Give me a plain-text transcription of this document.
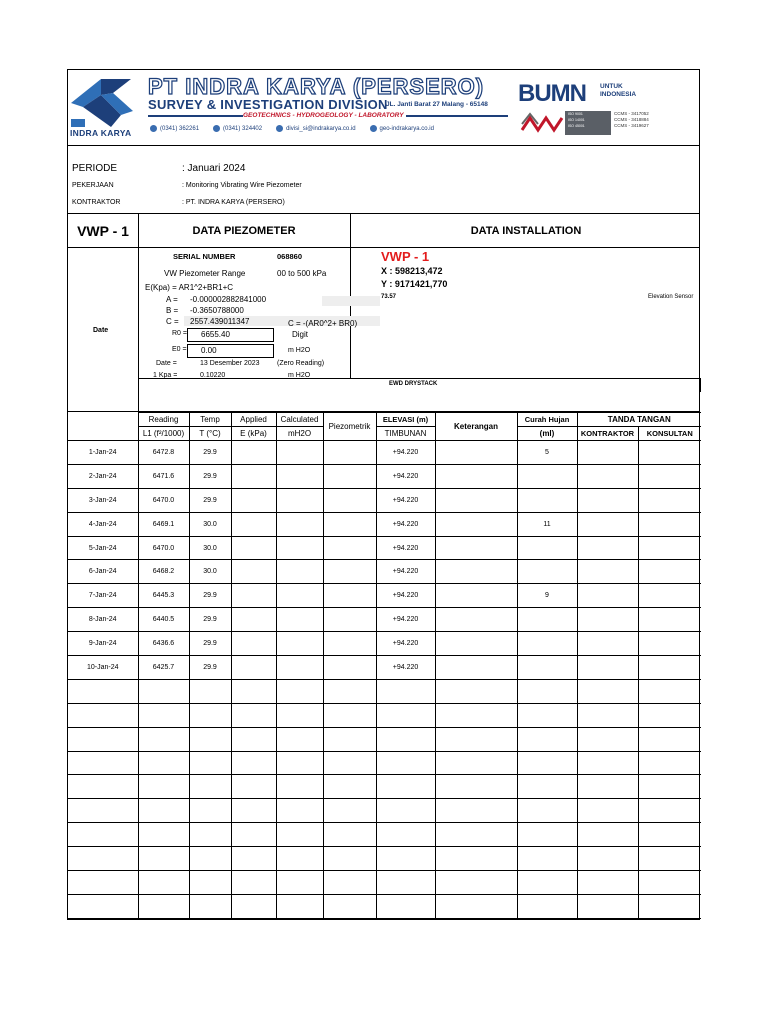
INDRA KARYA
PT INDRA KARYA (PERSERO)
SURVEY & INVESTIGATION DIVISION
JL. Janti Barat 27 Malang - 65148
GEOTECHNICS - HYDROGEOLOGY - LABORATORY
(0341) 362261	(0341) 324402	divisi_si@indrakarya.co.id	geo-indrakarya.co.id
BUMN UNTUK
INDONESIA
ISO 9001
ISO 14001
ISO 45001
CCMS - 3417052
CCMS - 3418884
CCMS - 3419627
PERIODE	: Januari 2024
PEKERJAAN	: Monitoring Vibrating Wire Piezometer
KONTRAKTOR	: PT. INDRA KARYA (PERSERO)
VWP - 1	DATA PIEZOMETER	DATA INSTALLATION
Date
SERIAL NUMBER	068860
VW Piezometer Range	00 to 500 kPa
E(Kpa) = AR1^2+BR1+C
A = -0.000002882841000
B = -0.3650788000
C = 2557.439011347	C = -(AR0^2+ BR0)
R0 = 6655.40	Digit
E0 = 0.00	m H2O
Date =	13 Desember 2023 (Zero Reading)
1 Kpa =	0.10220	m H2O
VWP - 1
X : 598213,472
Y : 9171421,770
73.57	Elevation Sensor
EWD DRYSTACK
	Reading	Temp	Applied	Calculated	Piezometrik	ELEVASI (m)	Keterangan	Curah Hujan	TANDA TANGAN	
	L1 (f²/1000)	T (°C)	E (kPa)	mH2O		TIMBUNAN		(ml)	KONTRAKTOR	KONSULTAN
1-Jan-24	6472.8	29.9				+94.220		5		
2-Jan-24	6471.6	29.9				+94.220				
3-Jan-24	6470.0	29.9				+94.220				
4-Jan-24	6469.1	30.0				+94.220		11		
5-Jan-24	6470.0	30.0				+94.220				
6-Jan-24	6468.2	30.0				+94.220				
7-Jan-24	6445.3	29.9				+94.220		9		
8-Jan-24	6440.5	29.9				+94.220				
9-Jan-24	6436.6	29.9				+94.220				
10-Jan-24	6425.7	29.9				+94.220				
